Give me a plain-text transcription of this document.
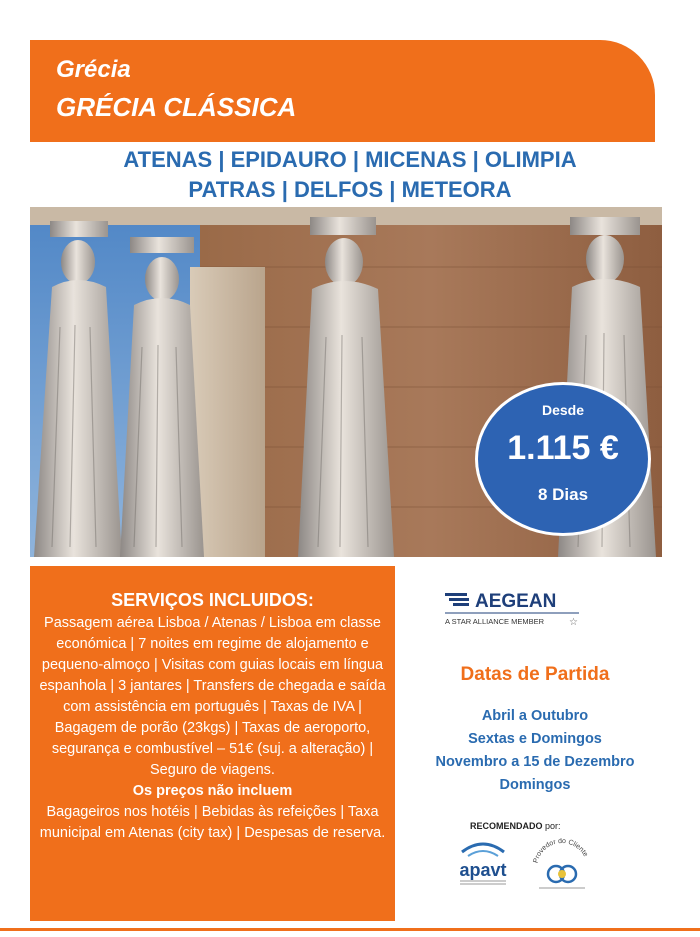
Grécia
GRÉCIA CLÁSSICA
ATENAS | EPIDAURO | MICENAS | OLIMPIA
PATRAS | DELFOS | METEORA
Desde
1.115 €
8 Dias
SERVIÇOS INCLUIDOS:
Passagem aérea Lisboa / Atenas / Lisboa em classe económica | 7 noites em regime de alojamento e pequeno-almoço | Visitas com guias locais em língua espanhola | 3 jantares | Transfers de chegada e saída com assistência em português | Taxas de IVA | Bagagem de porão (23kgs) | Taxas de aeroporto, segurança e combustível – 51€ (suj. a alteração) | Seguro de viagens.
Os preços não incluem
Bagageiros nos hotéis | Bebidas às refeições | Taxa municipal em Atenas (city tax) | Despesas de reserva.
AEGEAN
A STAR ALLIANCE MEMBER ☆
Datas de Partida
Abril a Outubro
Sextas e Domingos
Novembro a 15 de Dezembro
Domingos
RECOMENDADO por:
apavt	Provedor do Cliente
